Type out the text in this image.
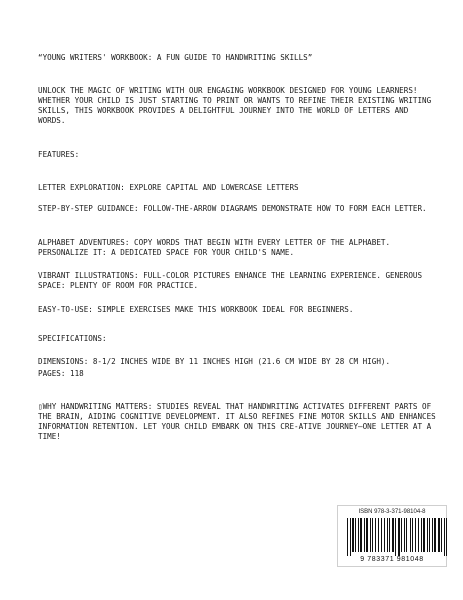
“YOUNG WRITERS' WORKBOOK: A FUN GUIDE TO HANDWRITING SKILLS”
UNLOCK THE MAGIC OF WRITING WITH OUR ENGAGING WORKBOOK DESIGNED FOR YOUNG LEARNERS! WHETHER YOUR CHILD IS JUST STARTING TO PRINT OR WANTS TO REFINE THEIR EXISTING WRITING SKILLS, THIS WORKBOOK PROVIDES A DELIGHTFUL JOURNEY INTO THE WORLD OF LETTERS AND WORDS.
FEATURES:
LETTER EXPLORATION: EXPLORE CAPITAL AND LOWERCASE LETTERS
STEP-BY-STEP GUIDANCE: FOLLOW-THE-ARROW DIAGRAMS DEMONSTRATE HOW TO FORM EACH LETTER.
ALPHABET ADVENTURES: COPY WORDS THAT BEGIN WITH EVERY LETTER OF THE ALPHABET. PERSONALIZE IT: A DEDICATED SPACE FOR YOUR CHILD'S NAME.
VIBRANT ILLUSTRATIONS: FULL-COLOR PICTURES ENHANCE THE LEARNING EXPERIENCE. GENEROUS SPACE: PLENTY OF ROOM FOR PRACTICE.
EASY-TO-USE: SIMPLE EXERCISES MAKE THIS WORKBOOK IDEAL FOR BEGINNERS.
SPECIFICATIONS:
DIMENSIONS: 8-1/2 INCHES WIDE BY 11 INCHES HIGH (21.6 CM WIDE BY 28 CM HIGH).
PAGES: 118
▯WHY HANDWRITING MATTERS: STUDIES REVEAL THAT HANDWRITING ACTIVATES DIFFERENT PARTS OF THE BRAIN, AIDING COGNITIVE DEVELOPMENT. IT ALSO REFINES FINE MOTOR SKILLS AND ENHANCES INFORMATION RETENTION. LET YOUR CHILD EMBARK ON THIS CRE-ATIVE JOURNEY—ONE LETTER AT A TIME!
ISBN 978-3-371-98104-8
9 783371 981048
